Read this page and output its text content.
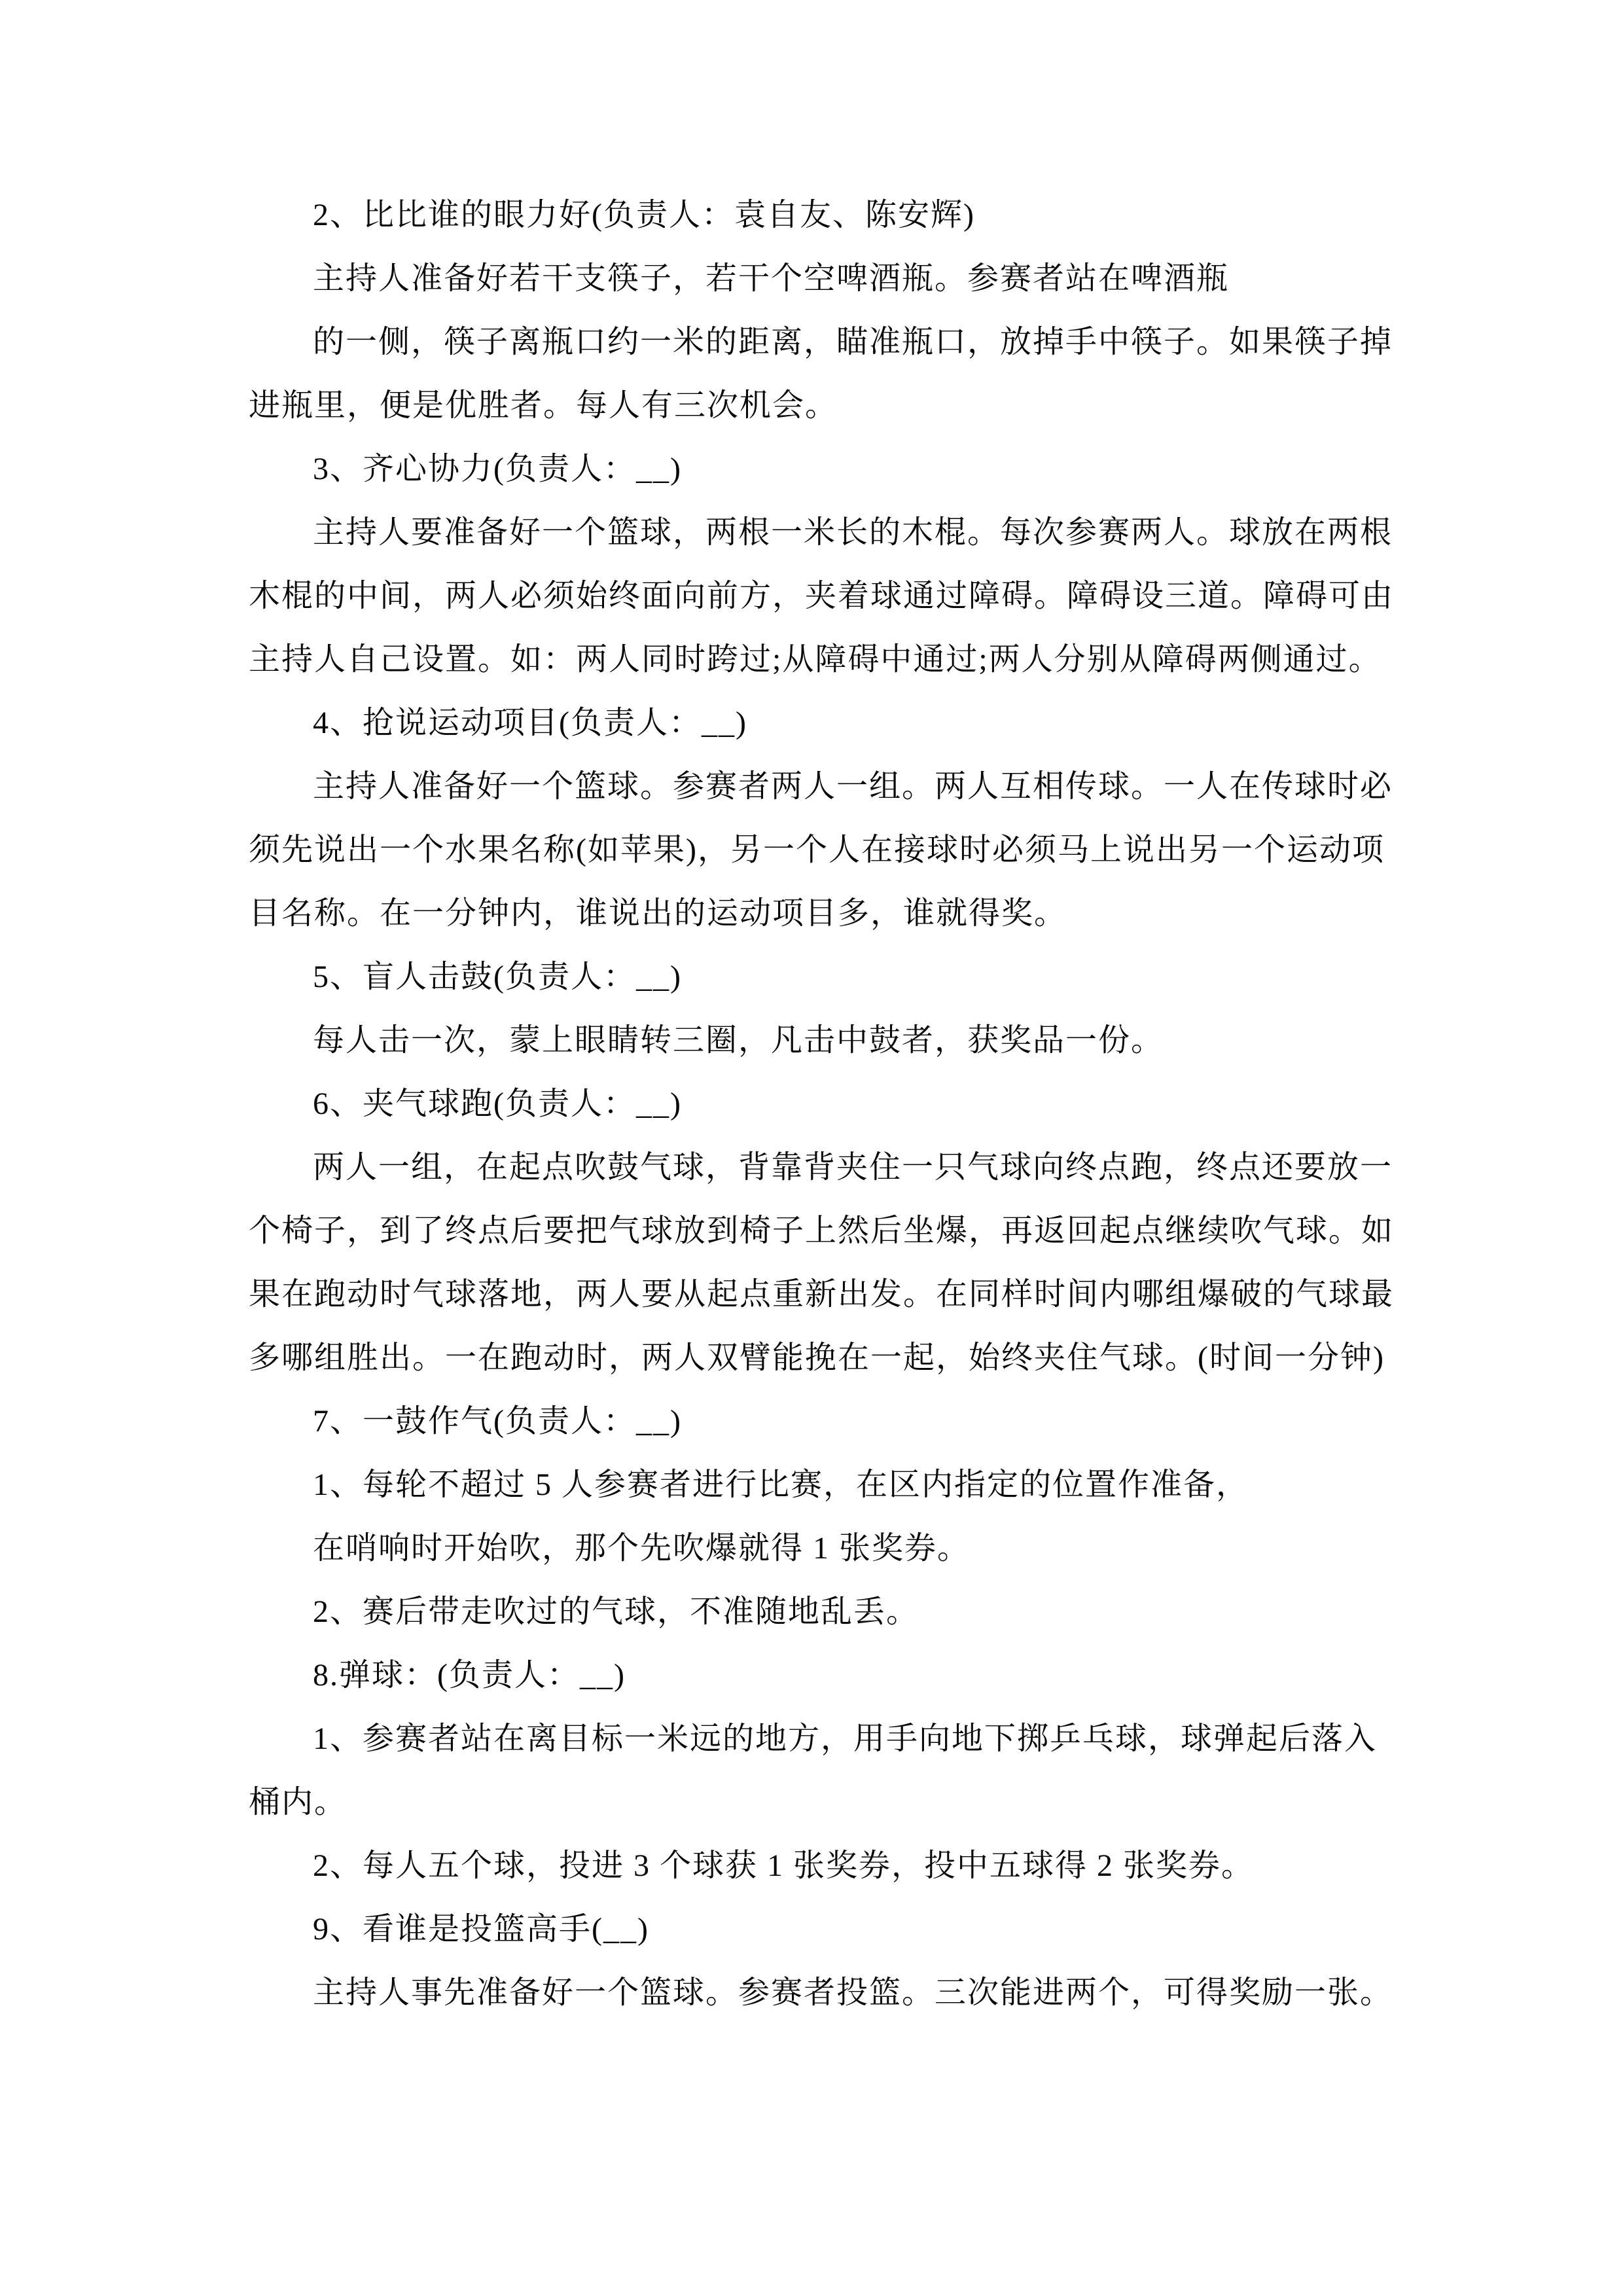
2、比比谁的眼力好(负责人：袁自友、陈安辉)
主持人准备好若干支筷子，若干个空啤酒瓶。参赛者站在啤酒瓶
的一侧，筷子离瓶口约一米的距离，瞄准瓶口，放掉手中筷子。如果筷子掉
进瓶里，便是优胜者。每人有三次机会。
3、齐心协力(负责人：__)
主持人要准备好一个篮球，两根一米长的木棍。每次参赛两人。球放在两根
木棍的中间，两人必须始终面向前方，夹着球通过障碍。障碍设三道。障碍可由
主持人自己设置。如：两人同时跨过;从障碍中通过;两人分别从障碍两侧通过。
4、抢说运动项目(负责人：__)
主持人准备好一个篮球。参赛者两人一组。两人互相传球。一人在传球时必
须先说出一个水果名称(如苹果)，另一个人在接球时必须马上说出另一个运动项
目名称。在一分钟内，谁说出的运动项目多，谁就得奖。
5、盲人击鼓(负责人：__)
每人击一次，蒙上眼睛转三圈，凡击中鼓者，获奖品一份。
6、夹气球跑(负责人：__)
两人一组，在起点吹鼓气球，背靠背夹住一只气球向终点跑，终点还要放一
个椅子，到了终点后要把气球放到椅子上然后坐爆，再返回起点继续吹气球。如
果在跑动时气球落地，两人要从起点重新出发。在同样时间内哪组爆破的气球最
多哪组胜出。一在跑动时，两人双臂能挽在一起，始终夹住气球。(时间一分钟)
7、一鼓作气(负责人：__)
1、每轮不超过 5 人参赛者进行比赛，在区内指定的位置作准备，
在哨响时开始吹，那个先吹爆就得 1 张奖券。
2、赛后带走吹过的气球，不准随地乱丢。
8.弹球：(负责人：__)
1、参赛者站在离目标一米远的地方，用手向地下掷乒乓球，球弹起后落入
桶内。
2、每人五个球，投进 3 个球获 1 张奖券，投中五球得 2 张奖券。
9、看谁是投篮高手(__)
主持人事先准备好一个篮球。参赛者投篮。三次能进两个，可得奖励一张。
